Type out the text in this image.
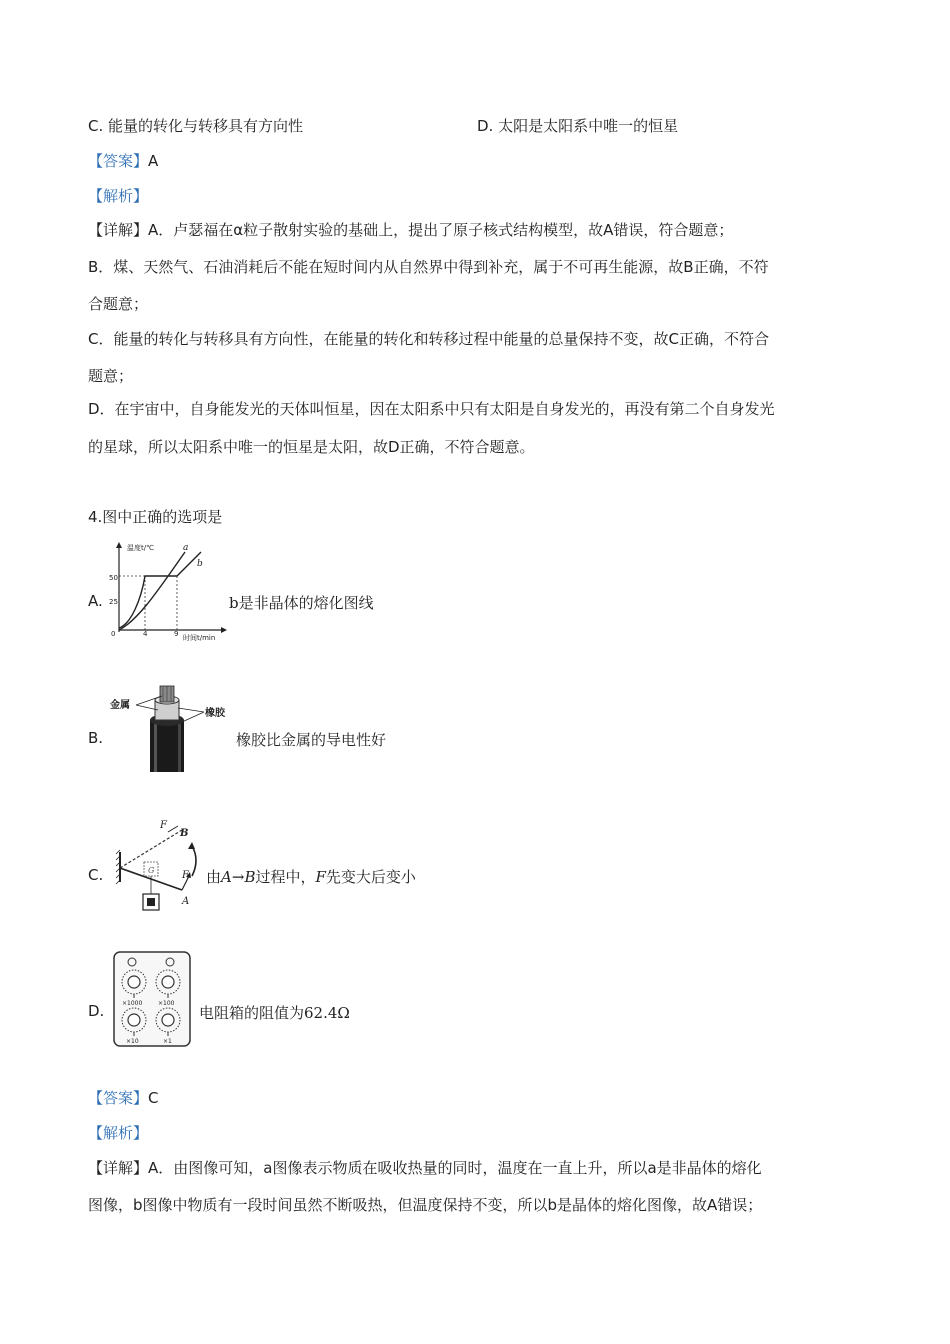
C. 能量的转化与转移具有方向性	D. 太阳是太阳系中唯一的恒星
【答案】A
【解析】
【详解】A．卢瑟福在α粒子散射实验的基础上，提出了原子核式结构模型，故A错误，符合题意；
B．煤、天然气、石油消耗后不能在短时间内从自然界中得到补充，属于不可再生能源，故B正确，不符
合题意；
C．能量的转化与转移具有方向性，在能量的转化和转移过程中能量的总量保持不变，故C正确，不符合
题意；
D．在宇宙中，自身能发光的天体叫恒星，因在太阳系中只有太阳是自身发光的，再没有第二个自身发光
的星球，所以太阳系中唯一的恒星是太阳，故D正确，不符合题意。
4.图中正确的选项是
A.
温度t/℃
50
25
0	4	9 时间t/min
a
b
b是非晶体的熔化图线
B.
金属
橡胶
橡胶比金属的导电性好
C.
F
B
F
A
G	由A→B过程中，F先变大后变小
D.	×1000	×100
×10	×1
电阻箱的阻值为62.4Ω
【答案】C
【解析】
【详解】A．由图像可知，a图像表示物质在吸收热量的同时，温度在一直上升，所以a是非晶体的熔化
图像，b图像中物质有一段时间虽然不断吸热，但温度保持不变，所以b是晶体的熔化图像，故A错误；
